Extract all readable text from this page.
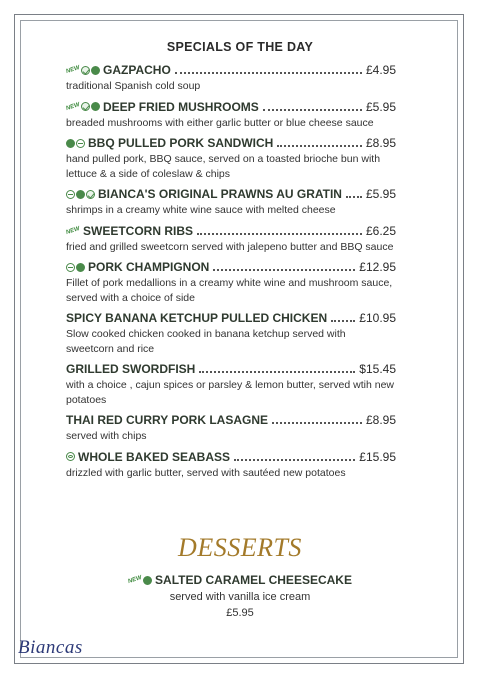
SPECIALS OF THE DAY
NEW GAZPACHO	£4.95
traditional Spanish cold soup
NEW DEEP FRIED MUSHROOMS	£5.95
breaded mushrooms with either garlic butter or blue cheese sauce
BBQ PULLED PORK SANDWICH	£8.95
hand pulled pork, BBQ sauce, served on a toasted brioche bun with lettuce & a side of coleslaw & chips
BIANCA'S ORIGINAL PRAWNS AU GRATIN £5.95
shrimps in a creamy white wine sauce with melted cheese
NEW SWEETCORN RIBS	£6.25
fried and grilled sweetcorn served with jalepeno butter and BBQ sauce
PORK CHAMPIGNON	£12.95
Fillet of pork medallions in a creamy white wine and mushroom sauce, served with a choice of side
SPICY BANANA KETCHUP PULLED CHICKEN	£10.95
Slow cooked chicken cooked in banana ketchup served with sweetcorn and rice
GRILLED SWORDFISH	$15.45
with a choice , cajun spices or parsley & lemon butter, served wtih new potatoes
THAI RED CURRY PORK LASAGNE	£8.95
served with chips
WHOLE BAKED SEABASS	£15.95
drizzled with garlic butter, served with sautéed new potatoes
DESSERTS
NEW SALTED CARAMEL CHEESECAKE
served with vanilla ice cream
£5.95
Biancas
